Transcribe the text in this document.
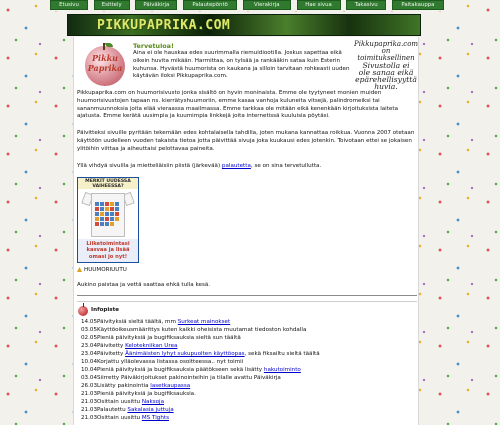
Etusivu	Esittely	Päiväkirja	Palautepöntö	Vierakirja	Hae sivua	Takasivu	Paitakauppa
PIKKUPAPRIKA.COM
Pikku
Paprika
Tervetuloa!
Aina ei ole hauskaa edes suurimmalla riemuidiootilla. Joskus sapettaa eikä oikein huvita mikään. Harmittaa, on tylsää ja rankääkin sataa kuin Esterin kuhunsa. Hyvästä huumorista on kaukana ja silloin tarvitaan rohkeasti uuden käytävän iloksi Pikkupaprika.com.
Pikkupaprika.com on
toimituksellinen
Sivustolla ei
ole sanaa eikä
epärehellisyyttä huvia.
Pikkupaprika.com on huumorisivusto jonka sisältö on hyvin moninaista. Emme ole tyytyneet monien muiden huumorisivustojen tapaan ns. kierrätyshuumoriin, emme kasaa vanhoja kuluneita vitsejä, palindromeiksi tai sananmuunnoksia joita elää vieraassa maailmassa. Emme tarkkaa ole mitään eikä kenenkään kirjoituksista laiteta ajatusta. Emme kerätä uusimpia ja kuumimpia linkkejä joita internetissä kuuluisia pöytäsi.
Päivitteksi sivuille pyritään tekemään edes kohtalaisella tahdilla, joten mukana kannattaa roikkua. Vuonna 2007 otetaan käyttöön uudelleen vuoden takaista tietoa jotta päivittää sivuja joka kuukausi edes jotenkin. Toivotaan ettei se jokaisen ylitöihin viittaa ja aiheuttaisi pelottavaa paineita.
Yllä vihdyä sivuilla ja mietteliäisiin piistä (järkevää) palautetta, se on sina tervetullutta.
MERKIT UUDESSA VAIHEESSA?
Liiketoimintasi kasvaa ja lisää omasi jo nyt!
HUUMORIUUTU
Aukino paistaa ja vettä saattaa ehkä tulla kesä.
Infopiste
14.05Päivityksiä sieltä täältä, mm Surkeat mainokset
03.05Käyttöoikeusmäärittys kuten kaikki oheisista muutamat tiedoston kohdalla
02.05Pieniä päivityksiä ja bugifiksauksia sieltä sun täältä
23.04Päivitetty Kelotekniikan Urea
23.04Päivitetty Äänimäisten lyhyt sukupuolten käyttöopas, sekä fiksailtu sieltä täältä
10.04Korjattu ylläolevassa listassa osoitteessa.. nyt toimii
10.04Pieniä päivityksiä ja bugifiksauksia päätökseen sekä lisätty hakutoiminto
03.04Siirretty Päiväkirjoitukset pakinointeihin ja tilalle avattu Päiväkirja
26.03Lisätty pakinointia lasetkaupassa
21.03Pieniä päivityksiä ja bugifiksauksia.
21.03Osittain uusittu Naksoja
21.03Palautettu Sakalasia juttuja
21.03Osittain uusittu MS Tights
